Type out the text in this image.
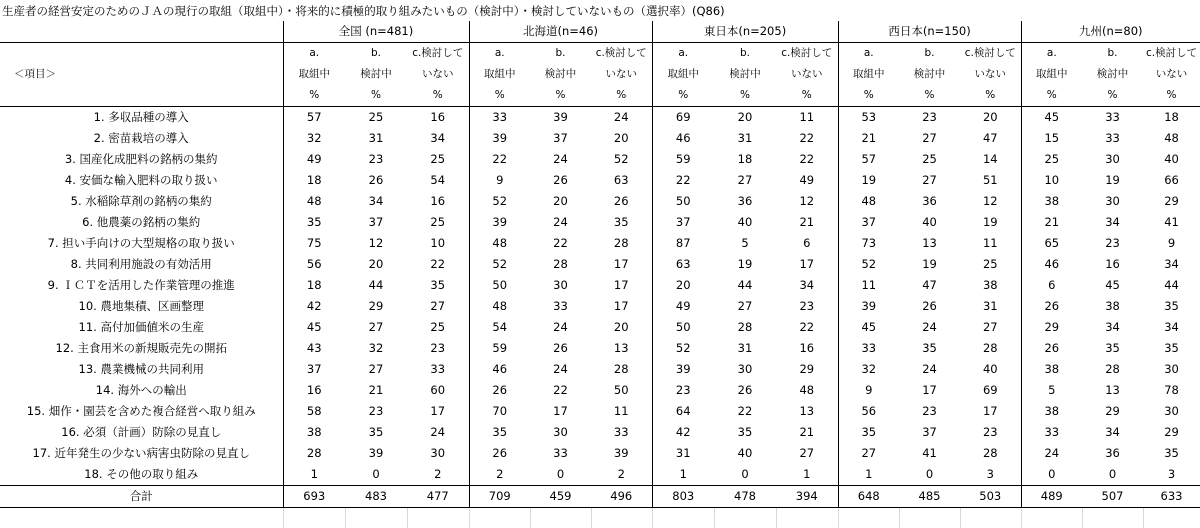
生産者の経営安定のためのＪＡの現行の取組（取組中）・将来的に積極的取り組みたいもの（検討中）・検討していないもの（選択率）(Q86)
	全国 (n=481)			北海道(n=46)			東日本(n=205)			西日本(n=150)			九州(n=80)		
	a.	b.	c.検討して	a.	b.	c.検討して	a.	b.	c.検討して	a.	b.	c.検討して	a.	b.	c.検討して
＜項目＞	取組中	検討中	いない	取組中	検討中	いない	取組中	検討中	いない	取組中	検討中	いない	取組中	検討中	いない
	%	%	%	%	%	%	%	%	%	%	%	%	%	%	%
1. 多収品種の導入	57	25	16	33	39	24	69	20	11	53	23	20	45	33	18
2. 密苗栽培の導入	32	31	34	39	37	20	46	31	22	21	27	47	15	33	48
3. 国産化成肥料の銘柄の集約	49	23	25	22	24	52	59	18	22	57	25	14	25	30	40
4. 安価な輸入肥料の取り扱い	18	26	54	9	26	63	22	27	49	19	27	51	10	19	66
5. 水稲除草剤の銘柄の集約	48	34	16	52	20	26	50	36	12	48	36	12	38	30	29
6. 他農薬の銘柄の集約	35	37	25	39	24	35	37	40	21	37	40	19	21	34	41
7. 担い手向けの大型規格の取り扱い	75	12	10	48	22	28	87	5	6	73	13	11	65	23	9
8. 共同利用施設の有効活用	56	20	22	52	28	17	63	19	17	52	19	25	46	16	34
9. ＩＣＴを活用した作業管理の推進	18	44	35	50	30	17	20	44	34	11	47	38	6	45	44
10. 農地集積、区画整理	42	29	27	48	33	17	49	27	23	39	26	31	26	38	35
11. 高付加価値米の生産	45	27	25	54	24	20	50	28	22	45	24	27	29	34	34
12. 主食用米の新規販売先の開拓	43	32	23	59	26	13	52	31	16	33	35	28	26	35	35
13. 農業機械の共同利用	37	27	33	46	24	28	39	30	29	32	24	40	38	28	30
14. 海外への輸出	16	21	60	26	22	50	23	26	48	9	17	69	5	13	78
15. 畑作・園芸を含めた複合経営へ取り組み	58	23	17	70	17	11	64	22	13	56	23	17	38	29	30
16. 必須（計画）防除の見直し	38	35	24	35	30	33	42	35	21	35	37	23	33	34	29
17. 近年発生の少ない病害虫防除の見直し	28	39	30	26	33	39	31	40	27	27	41	28	24	36	35
18. その他の取り組み	1	0	2	2	0	2	1	0	1	1	0	3	0	0	3
合計	693	483	477	709	459	496	803	478	394	648	485	503	489	507	633
